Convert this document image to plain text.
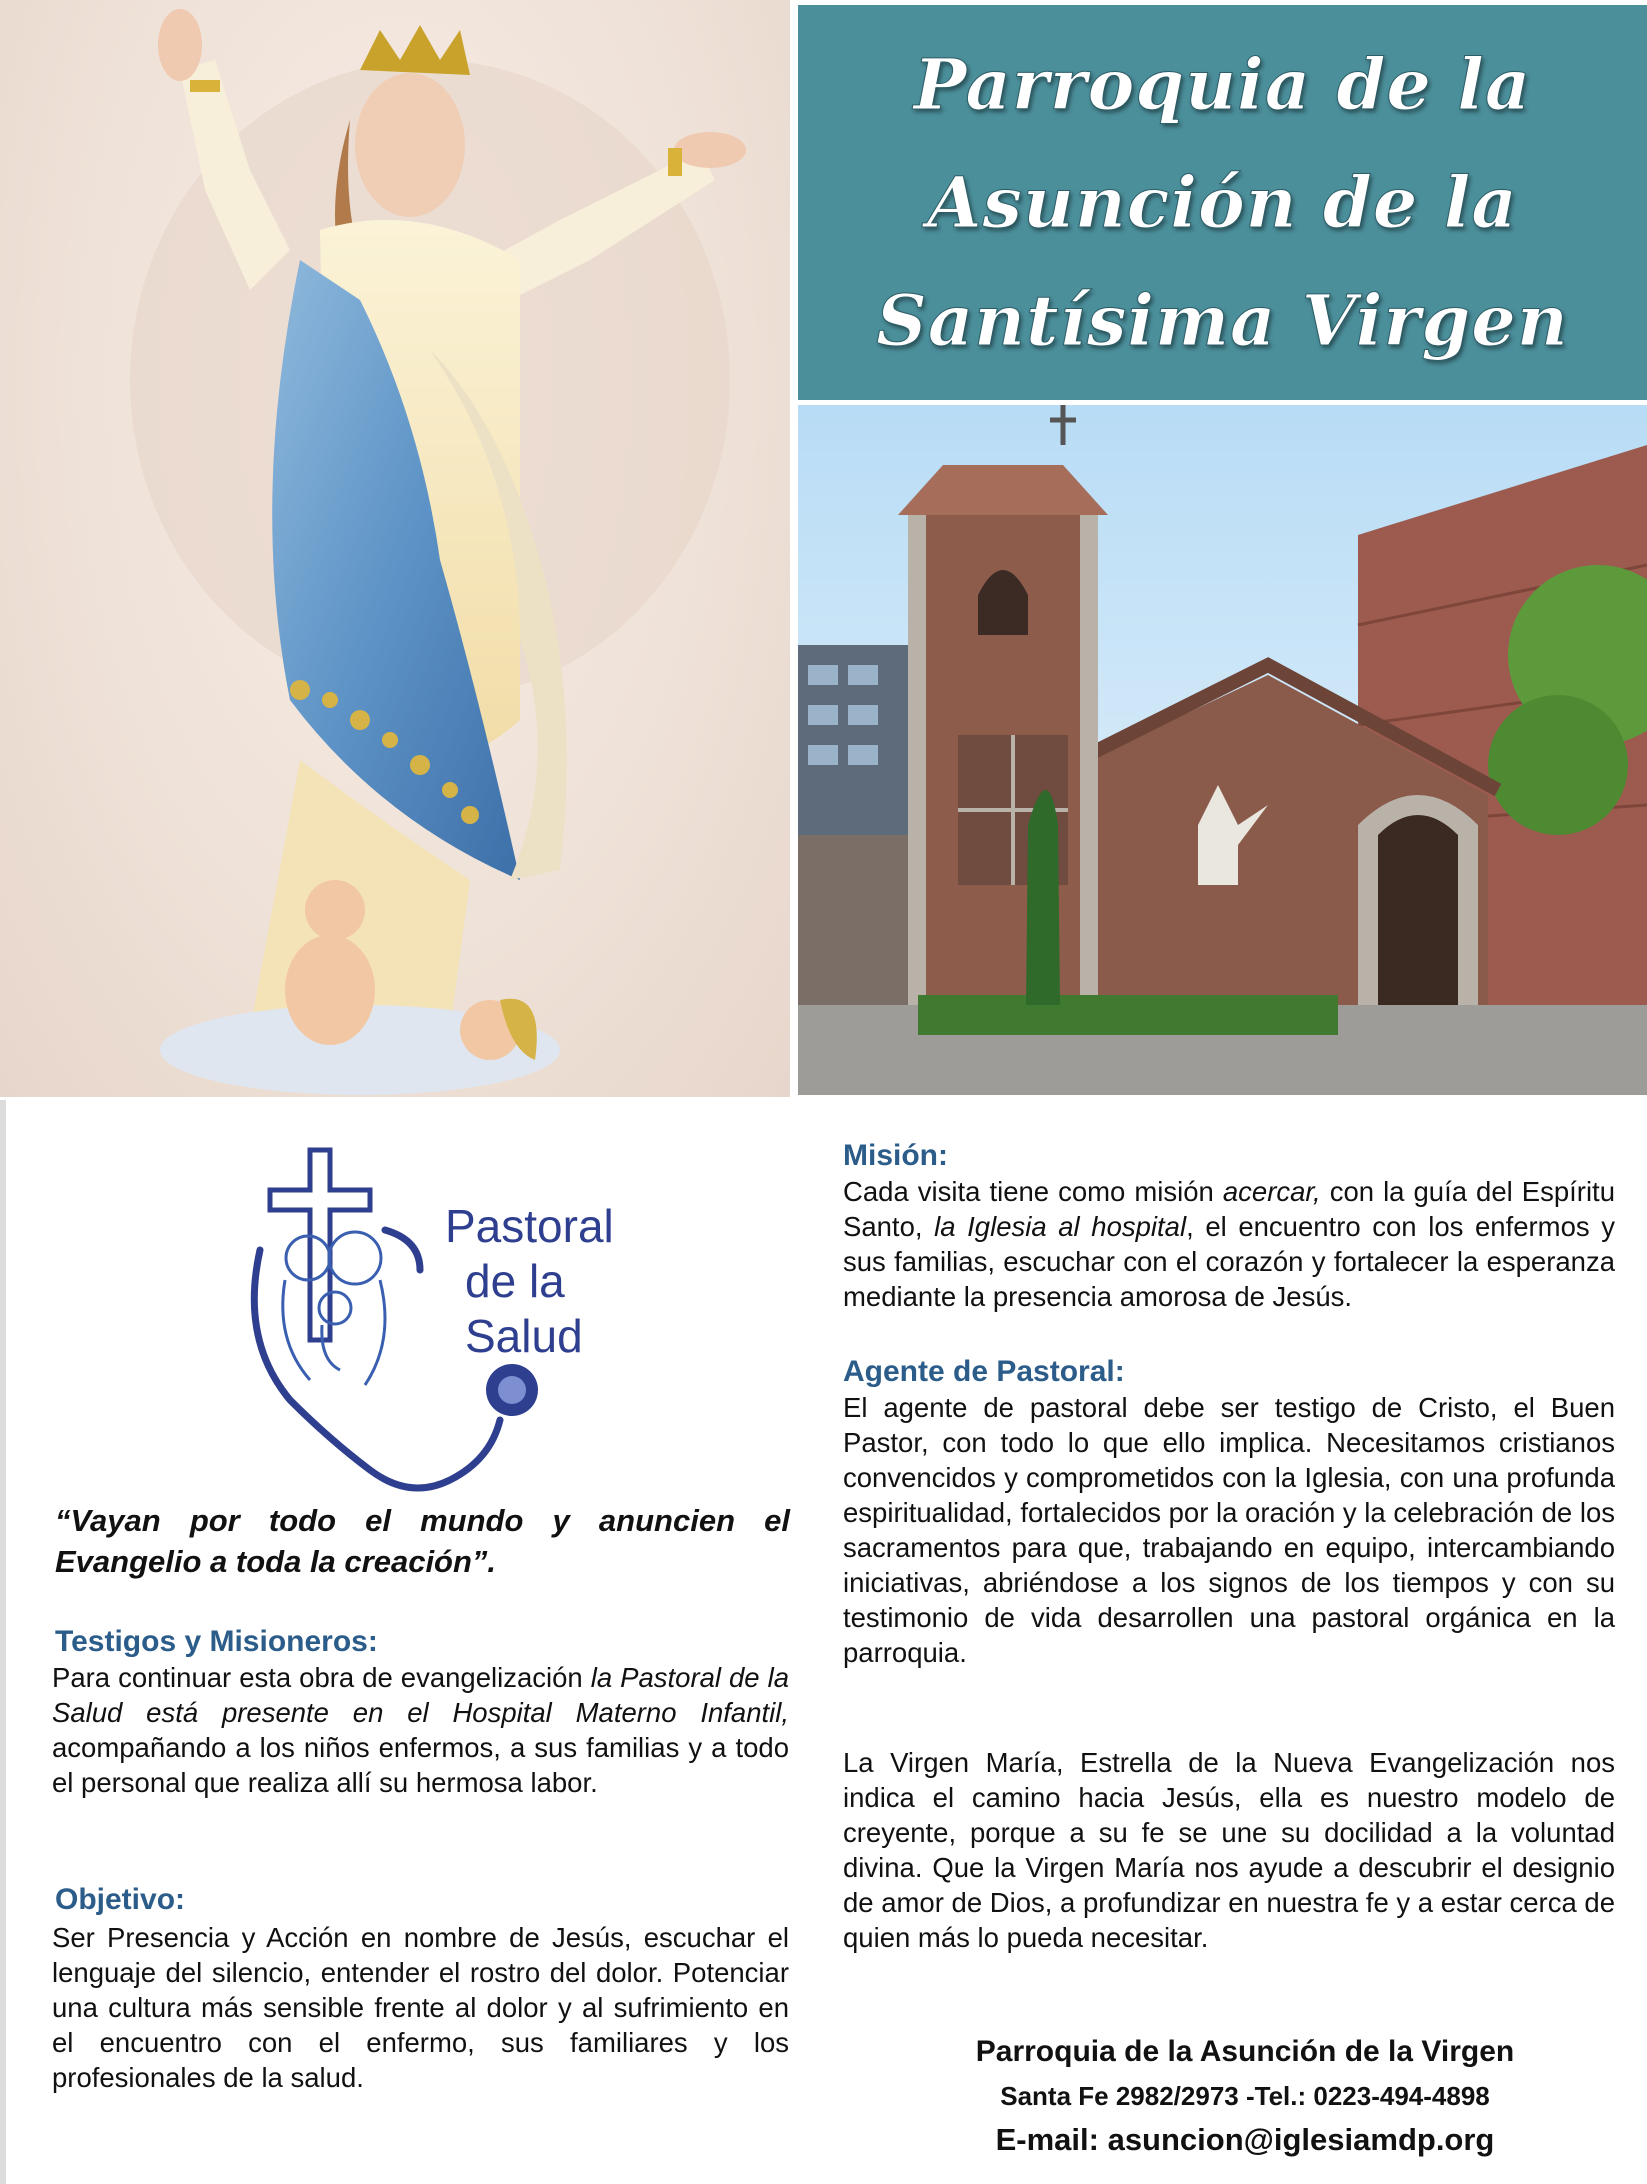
Parroquia de la
Asunción de la
Santísima Virgen
Pastoral
de la
Salud
“Vayan por todo el mundo y anuncien el Evangelio a toda la creación”.
Testigos y Misioneros:
Para continuar esta obra de evangelización la Pastoral de la Salud está presente en el Hospital Materno Infantil, acompañando a los niños enfermos, a sus familias y a todo el personal que realiza allí su hermosa labor.
Objetivo:
Ser Presencia y Acción en nombre de Jesús, escuchar el lenguaje del silencio, entender el rostro del dolor. Potenciar una cultura más sensible frente al dolor y al sufrimiento en el encuentro con el enfermo, sus familiares y los profesionales de la salud.
Misión:
Cada visita tiene como misión acercar, con la guía del Espíritu Santo, la Iglesia al hospital, el encuentro con los enfermos y sus familias, escuchar con el corazón y fortalecer la esperanza mediante la presencia amorosa de Jesús.
Agente de Pastoral:
El agente de pastoral debe ser testigo de Cristo, el Buen Pastor, con todo lo que ello implica. Necesitamos cristianos convencidos y comprometidos con la Iglesia, con una profunda espiritualidad, fortalecidos por la oración y la celebración de los sacramentos para que, trabajando en equipo, intercambiando iniciativas, abriéndose a los signos de los tiempos y con su testimonio de vida desarrollen una pastoral orgánica en la parroquia.
La Virgen María, Estrella de la Nueva Evangelización nos indica el camino hacia Jesús, ella es nuestro modelo de creyente, porque a su fe se une su docilidad a la voluntad divina. Que la Virgen María nos ayude a descubrir el designio de amor de Dios, a profundizar en nuestra fe y a estar cerca de quien más lo pueda necesitar.
Parroquia de la Asunción de la Virgen
Santa Fe 2982/2973 -Tel.: 0223-494-4898
E-mail: asuncion@iglesiamdp.org
